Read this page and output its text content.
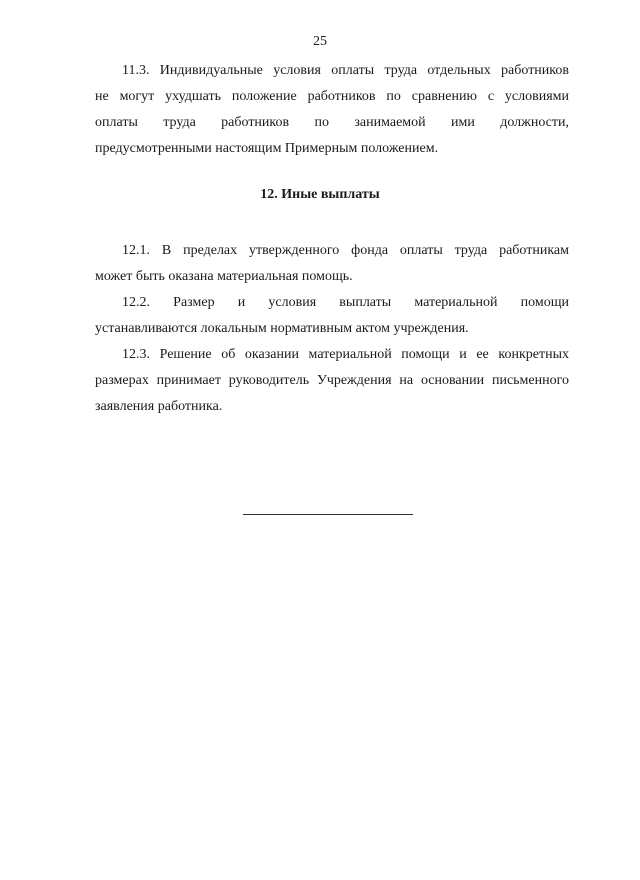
25

11.3. Индивидуальные условия оплаты труда отдельных работников
не могут ухудшать положение работников по сравнению с условиями
оплаты труда работников по занимаемой ими должности,
предусмотренными настоящим Примерным положением.

12. Иные выплаты

12.1. В пределах утвержденного фонда оплаты труда работникам
может быть оказана материальная помощь.

12.2. Размер и условия выплаты материальной помощи
устанавливаются локальным нормативным актом учреждения.

12.3. Решение об оказании материальной помощи и ее конкретных
размерах принимает руководитель Учреждения на основании письменного
заявления работника.
